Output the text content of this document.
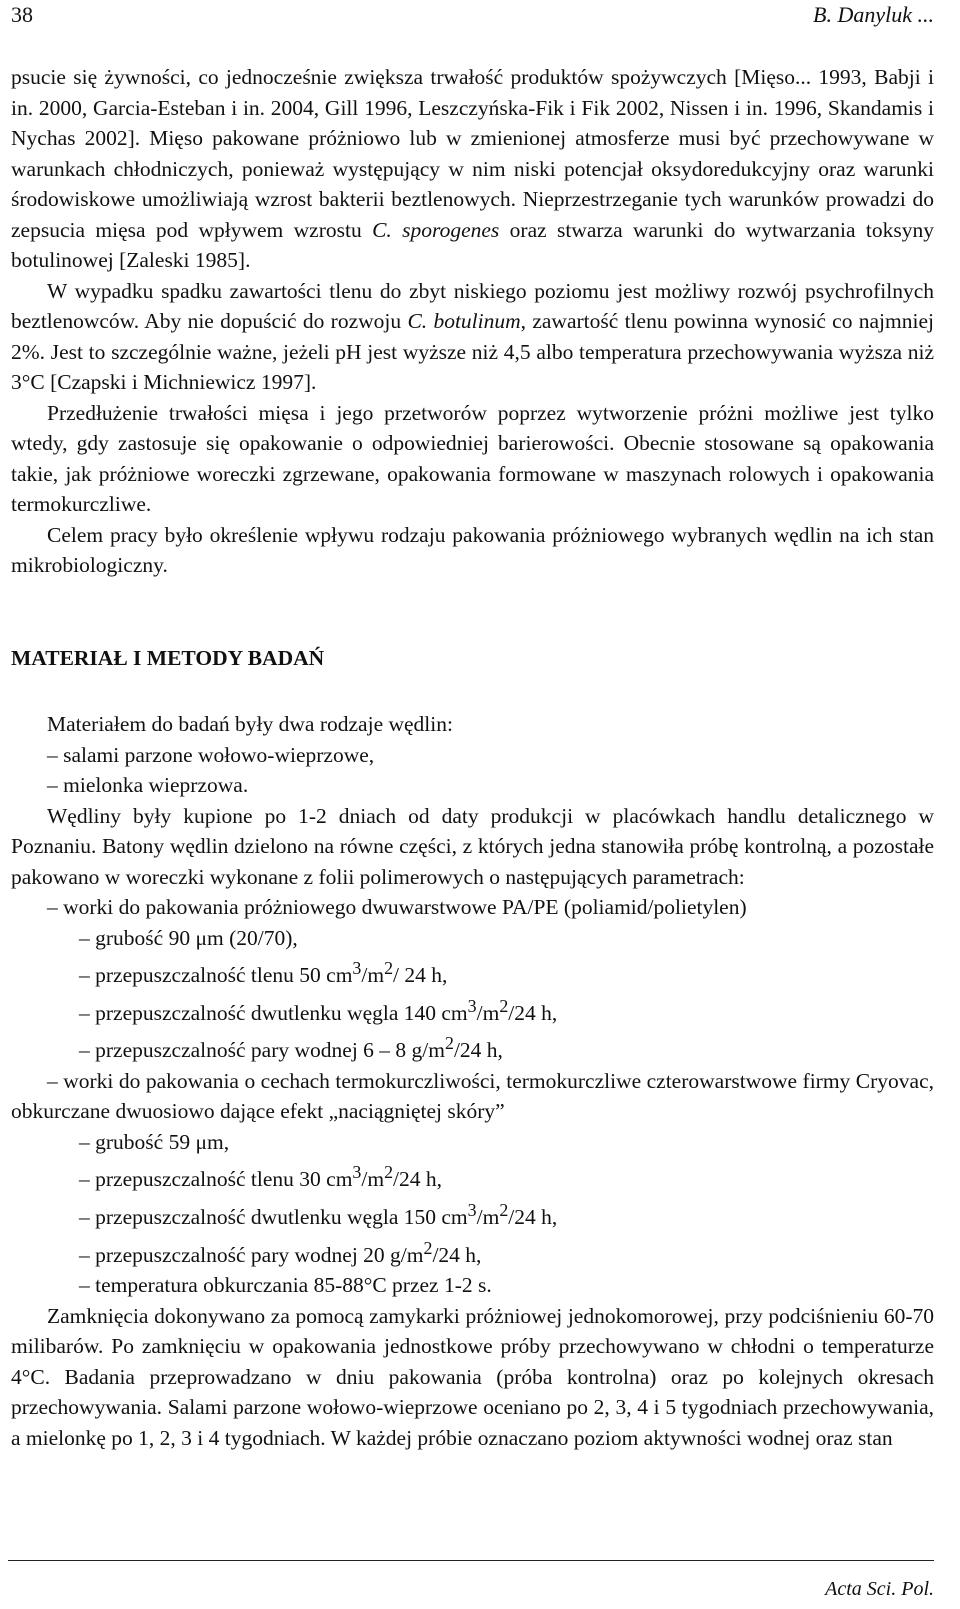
38	B. Danyluk ...

psucie się żywności, co jednocześnie zwiększa trwałość produktów spożywczych [Mięso... 1993, Babji i in. 2000, Garcia-Esteban i in. 2004, Gill 1996, Leszczyńska-Fik i Fik 2002, Nissen i in. 1996, Skandamis i Nychas 2002]. Mięso pakowane próżniowo lub w zmienionej atmosferze musi być przechowywane w warunkach chłodniczych, ponieważ występujący w nim niski potencjał oksydoredukcyjny oraz warunki środowiskowe umożliwiają wzrost bakterii beztlenowych. Nieprzestrzeganie tych warunków prowadzi do zepsucia mięsa pod wpływem wzrostu C. sporogenes oraz stwarza warunki do wytwarzania toksyny botulinowej [Zaleski 1985].

W wypadku spadku zawartości tlenu do zbyt niskiego poziomu jest możliwy rozwój psychrofilnych beztlenowców. Aby nie dopuścić do rozwoju C. botulinum, zawartość tlenu powinna wynosić co najmniej 2%. Jest to szczególnie ważne, jeżeli pH jest wyższe niż 4,5 albo temperatura przechowywania wyższa niż 3°C [Czapski i Michniewicz 1997].

Przedłużenie trwałości mięsa i jego przetworów poprzez wytworzenie próżni możliwe jest tylko wtedy, gdy zastosuje się opakowanie o odpowiedniej barierowości. Obecnie stosowane są opakowania takie, jak próżniowe woreczki zgrzewane, opakowania formowane w maszynach rolowych i opakowania termokurczliwe.

Celem pracy było określenie wpływu rodzaju pakowania próżniowego wybranych wędlin na ich stan mikrobiologiczny.

MATERIAŁ I METODY BADAŃ

Materiałem do badań były dwa rodzaje wędlin:

– salami parzone wołowo-wieprzowe,

– mielonka wieprzowa.

Wędliny były kupione po 1-2 dniach od daty produkcji w placówkach handlu detalicznego w Poznaniu. Batony wędlin dzielono na równe części, z których jedna stanowiła próbę kontrolną, a pozostałe pakowano w woreczki wykonane z folii polimerowych o następujących parametrach:

– worki do pakowania próżniowego dwuwarstwowe PA/PE (poliamid/polietylen)

– grubość 90 μm (20/70),

– przepuszczalność tlenu 50 $cm^3/m^2/$ 24 h,

– przepuszczalność dwutlenku węgla 140 $cm^3/m^2/24$ h,

– przepuszczalność pary wodnej 6 – 8 $g/m^2/24$ h,

– worki do pakowania o cechach termokurczliwości, termokurczliwe czterowarstwowe firmy Cryovac, obkurczane dwuosiowo dające efekt „naciągniętej skóry”

– grubość 59 μm,

– przepuszczalność tlenu 30 $cm^3/m^2/24$ h,

– przepuszczalność dwutlenku węgla 150 $cm^3/m^2/24$ h,

– przepuszczalność pary wodnej 20 $g/m^2/24$ h,

– temperatura obkurczania 85-88°C przez 1-2 s.

Zamknięcia dokonywano za pomocą zamykarki próżniowej jednokomorowej, przy podciśnieniu 60-70 milibarów. Po zamknięciu w opakowania jednostkowe próby przechowywano w chłodni o temperaturze 4°C. Badania przeprowadzano w dniu pakowania (próba kontrolna) oraz po kolejnych okresach przechowywania. Salami parzone wołowo-wieprzowe oceniano po 2, 3, 4 i 5 tygodniach przechowywania, a mielonkę po 1, 2, 3 i 4 tygodniach. W każdej próbie oznaczano poziom aktywności wodnej oraz stan

Acta Sci. Pol.
